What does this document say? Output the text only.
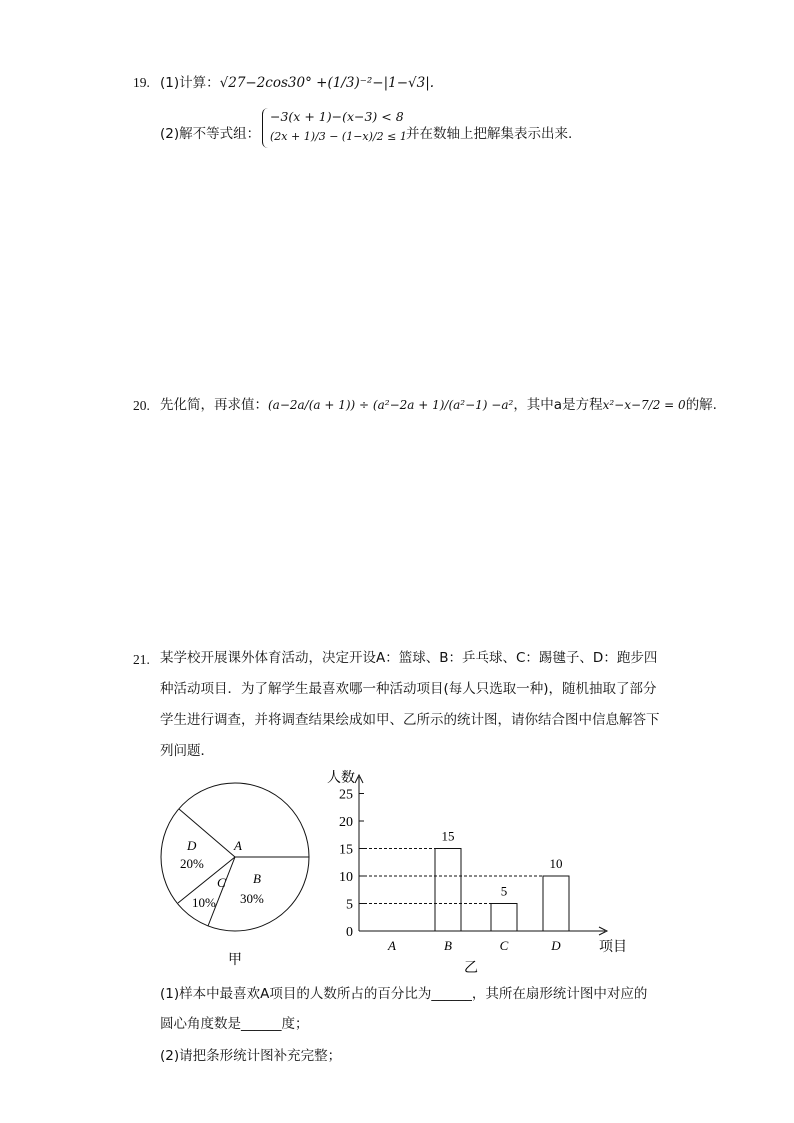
19. (1)计算：√27−2cos30° +(1/3)⁻²−|1−√3|.
(2)解不等式组：
−3(x + 1)−(x−3) < 8
(2x + 1)/3 − (1−x)/2 ≤ 1 并在数轴上把解集表示出来.
20. 先化简，再求值：(a−2a/(a + 1)) ÷ (a²−2a + 1)/(a²−1) −a²，其中a是方程x²−x−7/2 = 0的解.
21. 某学校开展课外体育活动，决定开设A：篮球、B：乒乓球、C：踢毽子、D：跑步四种活动项目．为了解学生最喜欢哪一种活动项目(每人只选取一种)，随机抽取了部分学生进行调查，并将调查结果绘成如甲、乙所示的统计图，请你结合图中信息解答下列问题．
A
B
30%
C
10%
D
20%
甲
0
5
10
15
20
25
15
5
10
A	B	C	D
人数
项目
乙
(1)样本中最喜欢A项目的人数所占的百分比为______，其所在扇形统计图中对应的
圆心角度数是______度；
(2)请把条形统计图补充完整；
